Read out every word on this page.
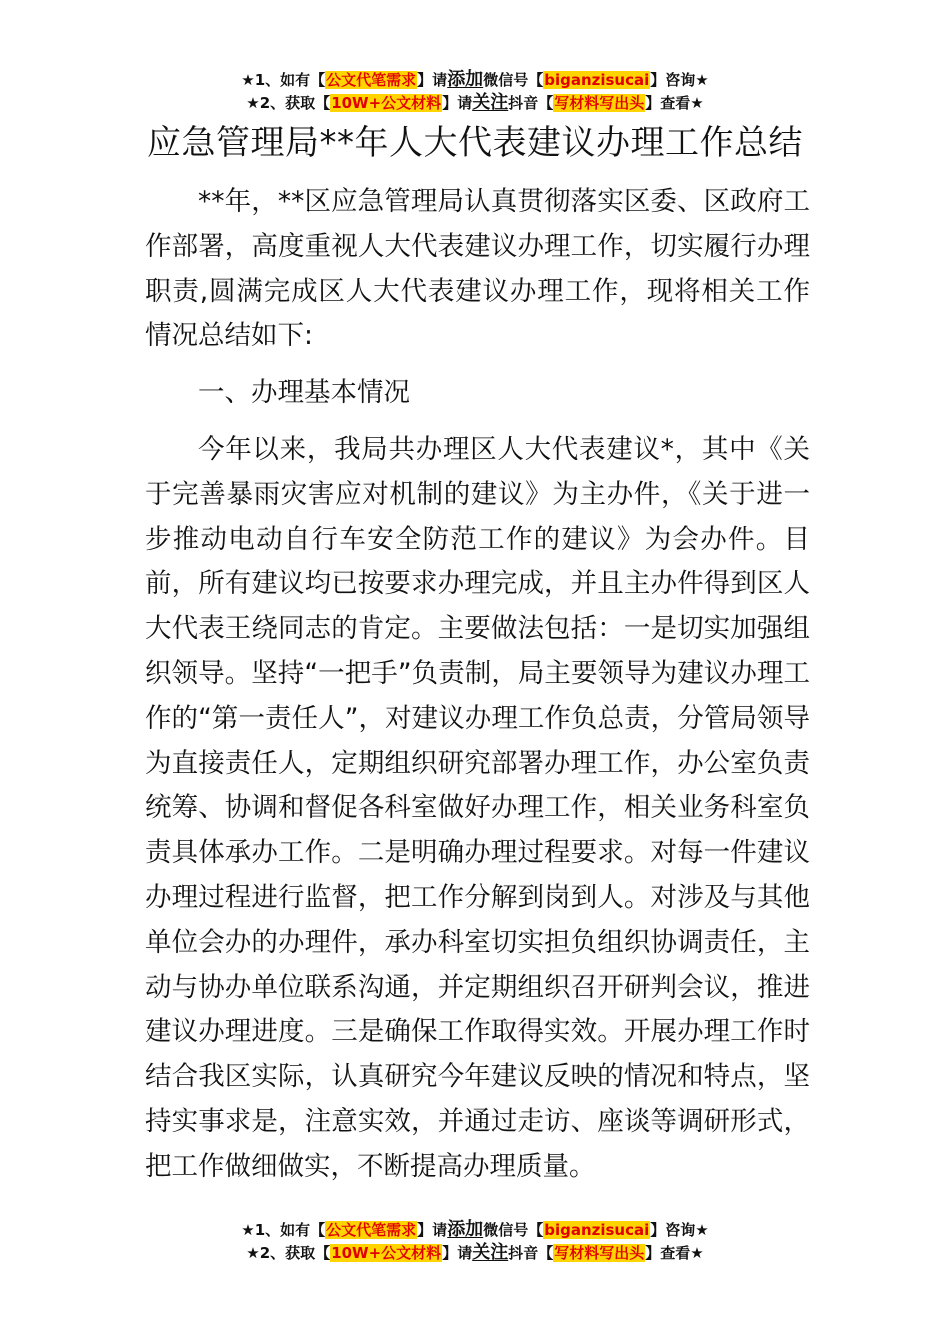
★1、如有【公文代笔需求】请添加微信号【biganzisucai】咨询★
★2、获取【10W+公文材料】请关注抖音【写材料写出头】查看★
应急管理局**年人大代表建议办理工作总结

**年，**区应急管理局认真贯彻落实区委、区政府工作部署，高度重视人大代表建议办理工作，切实履行办理职责,圆满完成区人大代表建议办理工作，现将相关工作情况总结如下:

一、办理基本情况

今年以来，我局共办理区人大代表建议*，其中《关于完善暴雨灾害应对机制的建议》为主办件，《关于进一步推动电动自行车安全防范工作的建议》为会办件。目前，所有建议均已按要求办理完成，并且主办件得到区人大代表王绕同志的肯定。主要做法包括：一是切实加强组织领导。坚持“一把手”负责制，局主要领导为建议办理工作的“第一责任人”，对建议办理工作负总责，分管局领导为直接责任人，定期组织研究部署办理工作，办公室负责统筹、协调和督促各科室做好办理工作，相关业务科室负责具体承办工作。二是明确办理过程要求。对每一件建议办理过程进行监督，把工作分解到岗到人。对涉及与其他单位会办的办理件，承办科室切实担负组织协调责任，主动与协办单位联系沟通，并定期组织召开研判会议，推进建议办理进度。三是确保工作取得实效。开展办理工作时结合我区实际，认真研究今年建议反映的情况和特点，坚持实事求是，注意实效，并通过走访、座谈等调研形式，把工作做细做实，不断提高办理质量。

★1、如有【公文代笔需求】请添加微信号【biganzisucai】咨询★
★2、获取【10W+公文材料】请关注抖音【写材料写出头】查看★
